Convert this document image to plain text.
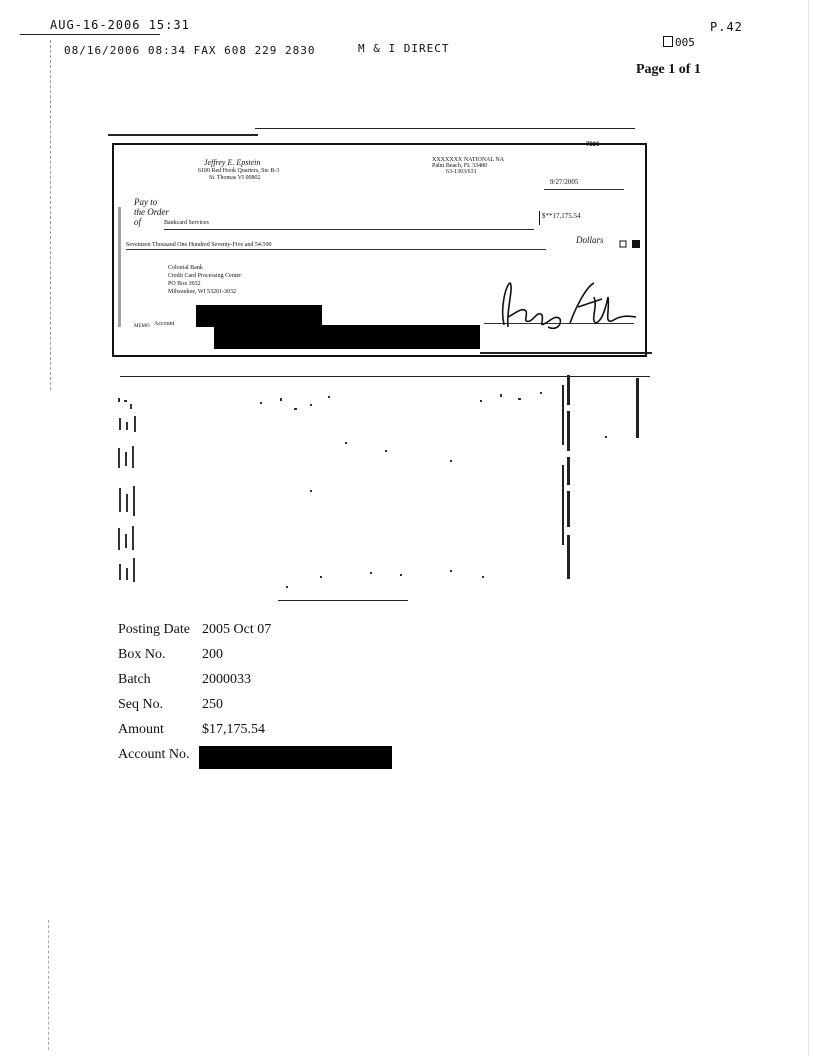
AUG-16-2006 15:31	P.42
08/16/2006 08:34 FAX 608 229 2830	M & I DIRECT	005
Page 1 of 1
7836
Jeffrey E. Epstein
6100 Red Hook Quarters, Ste B-3
St. Thomas VI 00802
XXXXXXX NATIONAL NA
Palm Beach, FL 33480
63-1303/631
9/27/2005
Pay to the Order of	Bankcard Services
$**17,175.54
Seventeen Thousand One Hundred Seventy-Five and 54/100	Dollars
Colonial Bank
Credit Card Processing Center
PO Box 3032
Milwaukee, WI 53201-3032
MEMO Account
Posting Date 2005 Oct 07
Box No.	200
Batch	2000033
Seq No.	250
Amount	$17,175.54
Account No.
